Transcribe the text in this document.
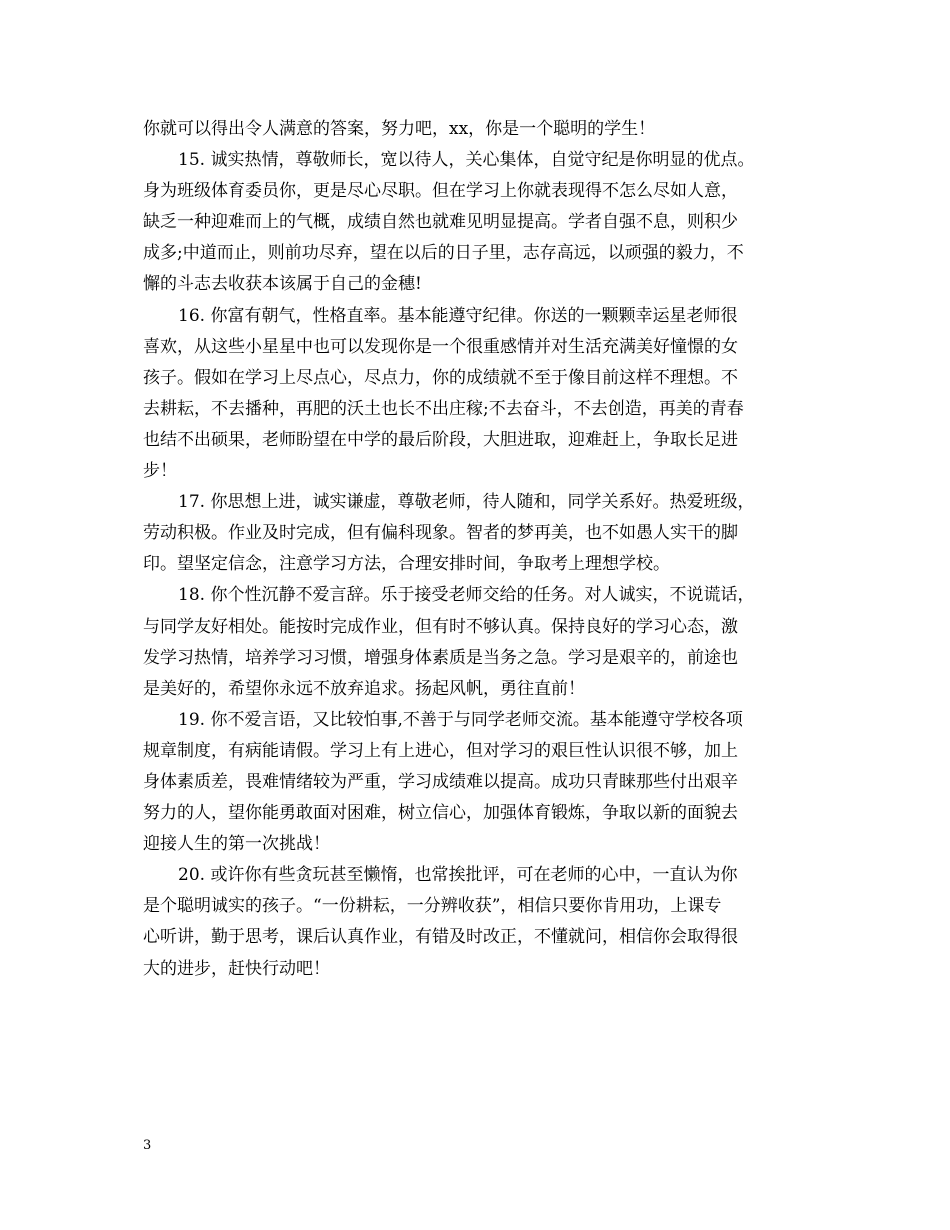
你就可以得出令人满意的答案，努力吧，xx，你是一个聪明的学生！
15. 诚实热情，尊敬师长，宽以待人，关心集体，自觉守纪是你明显的优点。
身为班级体育委员你，更是尽心尽职。但在学习上你就表现得不怎么尽如人意，
缺乏一种迎难而上的气概，成绩自然也就难见明显提高。学者自强不息，则积少
成多;中道而止，则前功尽弃，望在以后的日子里，志存高远，以顽强的毅力，不
懈的斗志去收获本该属于自己的金穗!
16. 你富有朝气，性格直率。基本能遵守纪律。你送的一颗颗幸运星老师很
喜欢，从这些小星星中也可以发现你是一个很重感情并对生活充满美好憧憬的女
孩子。假如在学习上尽点心，尽点力，你的成绩就不至于像目前这样不理想。不
去耕耘，不去播种，再肥的沃土也长不出庄稼;不去奋斗，不去创造，再美的青春
也结不出硕果，老师盼望在中学的最后阶段，大胆进取，迎难赶上，争取长足进
步！
17. 你思想上进，诚实谦虚，尊敬老师，待人随和，同学关系好。热爱班级，
劳动积极。作业及时完成，但有偏科现象。智者的梦再美，也不如愚人实干的脚
印。望坚定信念，注意学习方法，合理安排时间，争取考上理想学校。
18. 你个性沉静不爱言辞。乐于接受老师交给的任务。对人诚实，不说谎话，
与同学友好相处。能按时完成作业，但有时不够认真。保持良好的学习心态，激
发学习热情，培养学习习惯，增强身体素质是当务之急。学习是艰辛的，前途也
是美好的，希望你永远不放弃追求。扬起风帆，勇往直前！
19. 你不爱言语，又比较怕事,不善于与同学老师交流。基本能遵守学校各项
规章制度，有病能请假。学习上有上进心，但对学习的艰巨性认识很不够，加上
身体素质差，畏难情绪较为严重，学习成绩难以提高。成功只青睐那些付出艰辛
努力的人，望你能勇敢面对困难，树立信心，加强体育锻炼，争取以新的面貌去
迎接人生的第一次挑战！
20. 或许你有些贪玩甚至懒惰，也常挨批评，可在老师的心中，一直认为你
是个聪明诚实的孩子。“一份耕耘，一分辨收获”，相信只要你肯用功，上课专
心听讲，勤于思考，课后认真作业，有错及时改正，不懂就问，相信你会取得很
大的进步，赶快行动吧！
3
